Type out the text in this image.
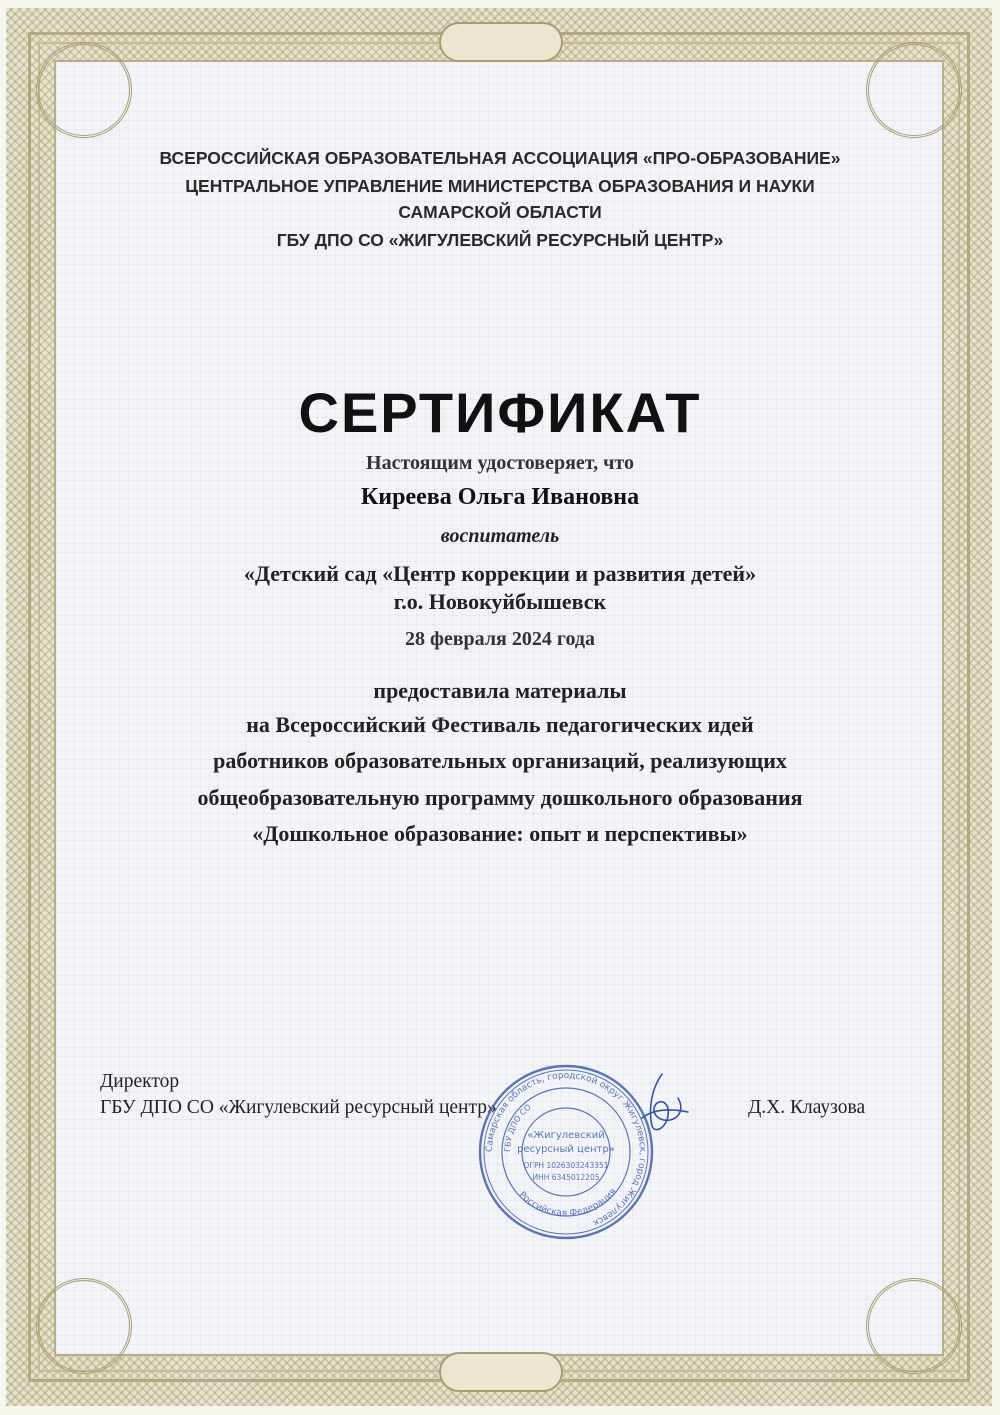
ВСЕРОССИЙСКАЯ ОБРАЗОВАТЕЛЬНАЯ АССОЦИАЦИЯ «ПРО-ОБРАЗОВАНИЕ»
ЦЕНТРАЛЬНОЕ УПРАВЛЕНИЕ МИНИСТЕРСТВА ОБРАЗОВАНИЯ И НАУКИ
САМАРСКОЙ ОБЛАСТИ
ГБУ ДПО СО «ЖИГУЛЕВСКИЙ РЕСУРСНЫЙ ЦЕНТР»
СЕРТИФИКАТ
Настоящим удостоверяет, что
Киреева Ольга Ивановна
воспитатель
«Детский сад «Центр коррекции и развития детей»
г.о. Новокуйбышевск
28 февраля 2024 года
предоставила материалы
на Всероссийский Фестиваль педагогических идей
работников образовательных организаций, реализующих
общеобразовательную программу дошкольного образования
«Дошкольное образование: опыт и перспективы»
Директор
ГБУ ДПО СО «Жигулевский ресурсный центр»	Д.Х. Клаузова
Самарская область, городской округ Жигулевск, город Жигулевск
ГБУ ДПО СО
«Жигулевский
ресурсный центр»
ОГРН 1026303243351
ИНН 6345012205
Российская Федерация
